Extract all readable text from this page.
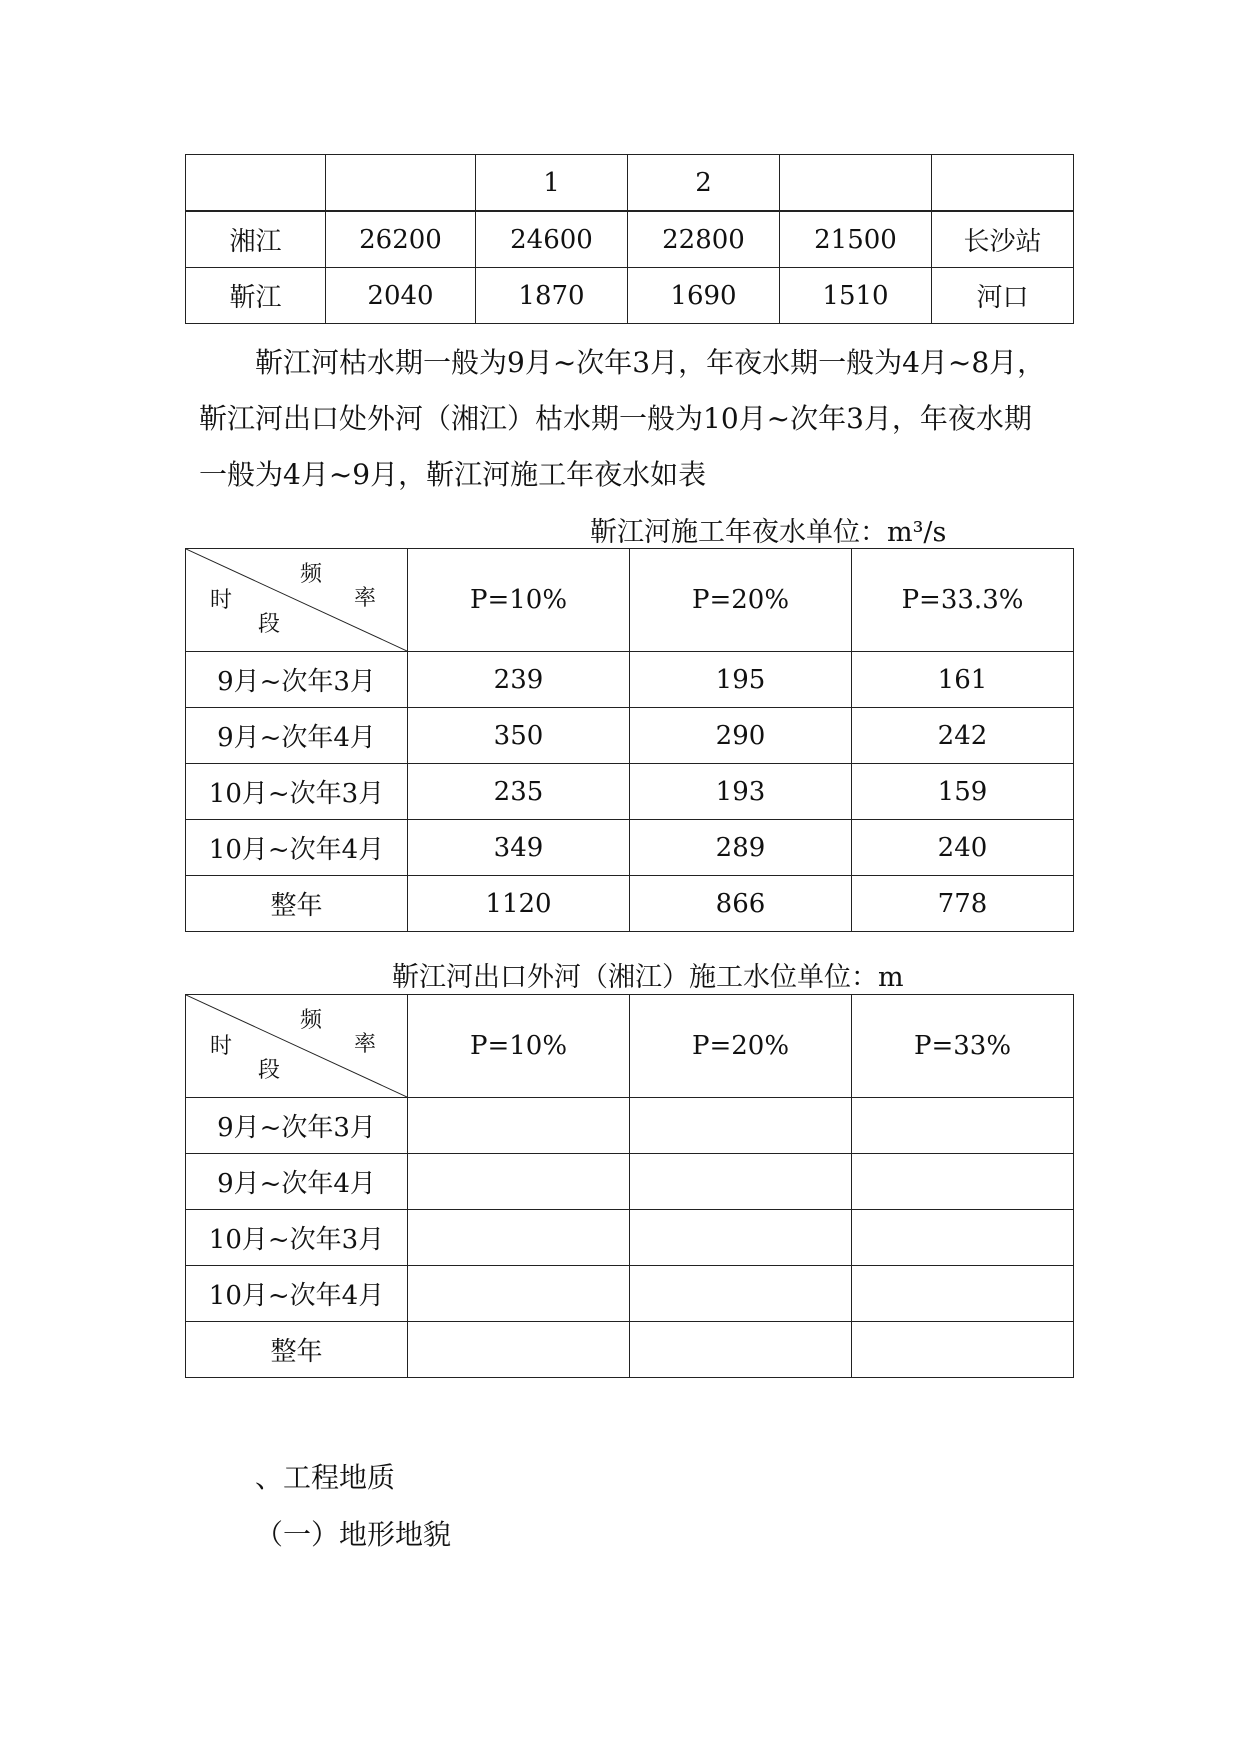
		1	2		
湘江	26200	24600	22800	21500	长沙站
靳江	2040	1870	1690	1510	河口

靳江河枯水期一般为9月~次年3月，年夜水期一般为4月~8月，

靳江河出口处外河（湘江）枯水期一般为10月~次年3月，年夜水期

一般为4月~9月，靳江河施工年夜水如表

靳江河施工年夜水单位：m³/s
频
率
时
段	P=10%	P=20%	P=33.3%
9月~次年3月	239	195	161
9月~次年4月	350	290	242
10月~次年3月	235	193	159
10月~次年4月	349	289	240
整年	1120	866	778
靳江河出口外河（湘江）施工水位单位：m
频
率
时
段	P=10%	P=20%	P=33%
9月~次年3月			
9月~次年4月			
10月~次年3月			
10月~次年4月			
整年			
、工程地质
（一）地形地貌
